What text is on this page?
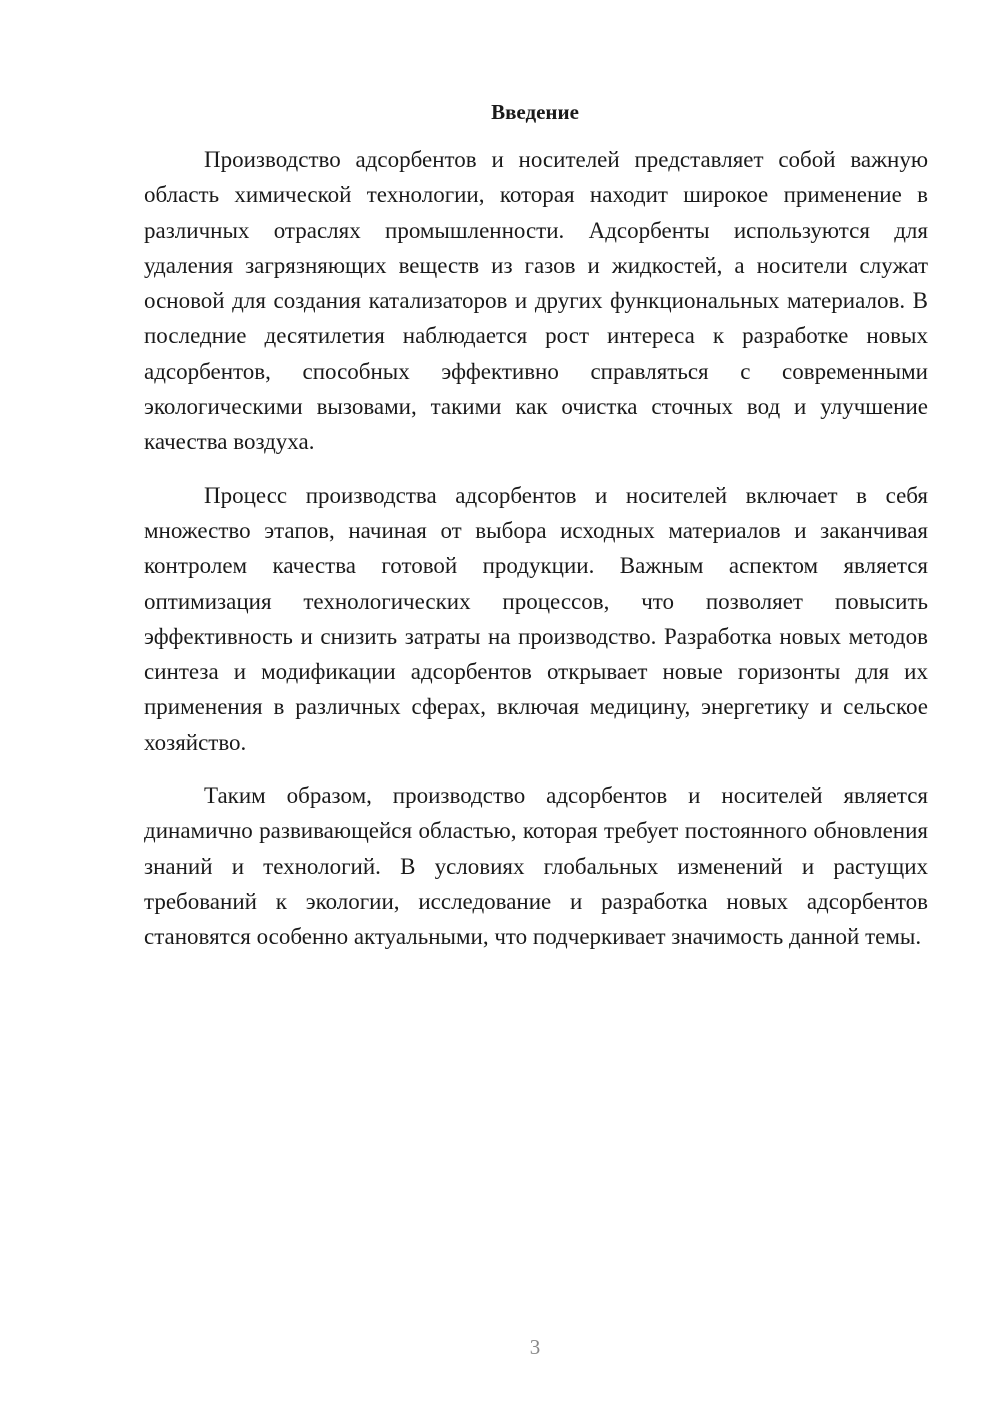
Введение

Производство адсорбентов и носителей представляет собой важную область химической технологии, которая находит широкое применение в различных отраслях промышленности. Адсорбенты используются для удаления загрязняющих веществ из газов и жидкостей, а носители служат основой для создания катализаторов и других функциональных материалов. В последние десятилетия наблюдается рост интереса к разработке новых адсорбентов, способных эффективно справляться с современными экологическими вызовами, такими как очистка сточных вод и улучшение качества воздуха.

Процесс производства адсорбентов и носителей включает в себя множество этапов, начиная от выбора исходных материалов и заканчивая контролем качества готовой продукции. Важным аспектом является оптимизация технологических процессов, что позволяет повысить эффективность и снизить затраты на производство. Разработка новых методов синтеза и модификации адсорбентов открывает новые горизонты для их применения в различных сферах, включая медицину, энергетику и сельское хозяйство.

Таким образом, производство адсорбентов и носителей является динамично развивающейся областью, которая требует постоянного обновления знаний и технологий. В условиях глобальных изменений и растущих требований к экологии, исследование и разработка новых адсорбентов становятся особенно актуальными, что подчеркивает значимость данной темы.

3
